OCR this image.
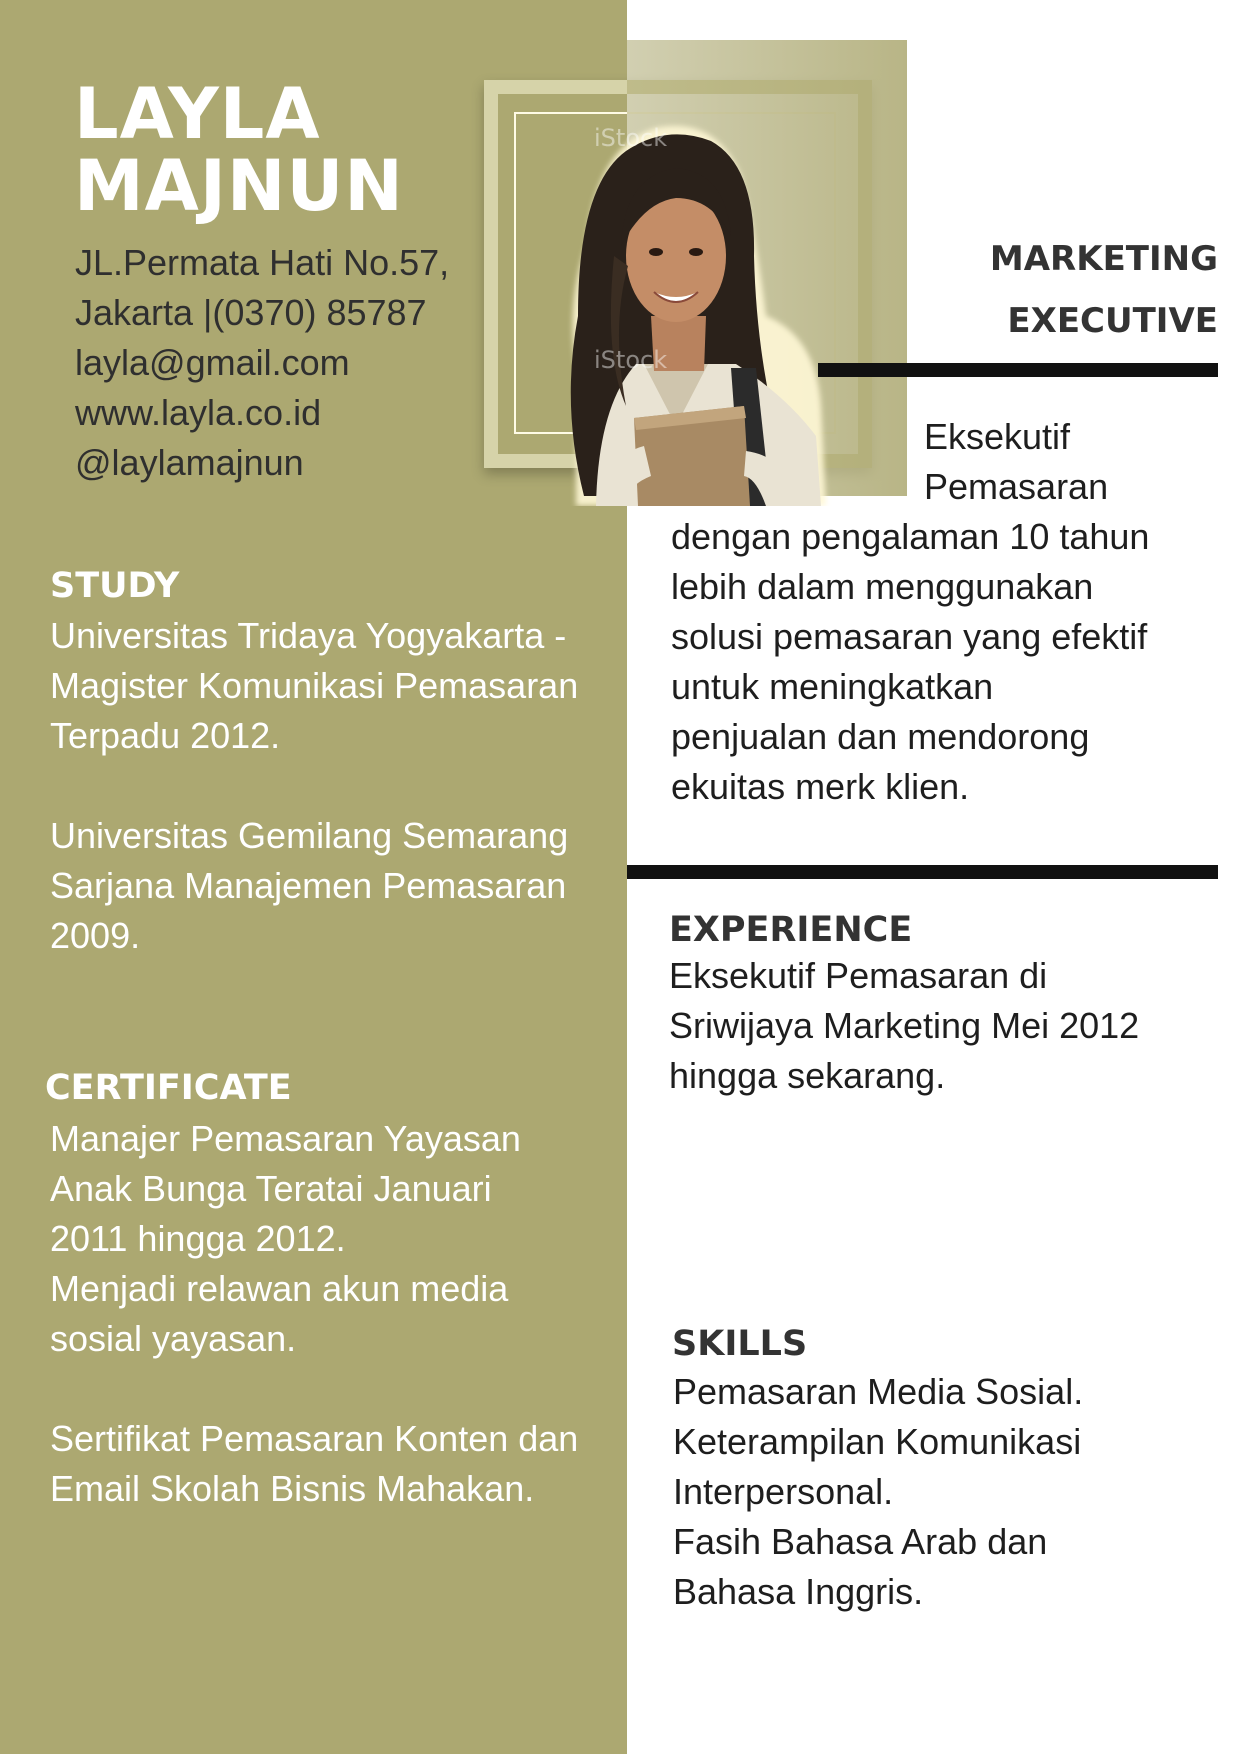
LAYLA
MAJNUN
JL.Permata Hati No.57,
Jakarta |(0370) 85787
layla@gmail.com
www.layla.co.id
@laylamajnun
iStock
iStock
MARKETING
EXECUTIVE
Eksekutif
Pemasaran
dengan pengalaman 10 tahun
lebih dalam menggunakan
solusi pemasaran yang efektif
untuk meningkatkan
penjualan dan mendorong
ekuitas merk klien.
STUDY
Universitas Tridaya Yogyakarta -
Magister Komunikasi Pemasaran
Terpadu 2012.
Universitas Gemilang Semarang
Sarjana Manajemen Pemasaran
2009.
CERTIFICATE
Manajer Pemasaran Yayasan
Anak Bunga Teratai Januari
2011 hingga 2012.
Menjadi relawan akun media
sosial yayasan.
Sertifikat Pemasaran Konten dan
Email Skolah Bisnis Mahakan.
EXPERIENCE
Eksekutif Pemasaran di
Sriwijaya Marketing Mei 2012
hingga sekarang.
SKILLS
Pemasaran Media Sosial.
Keterampilan Komunikasi
Interpersonal.
Fasih Bahasa Arab dan
Bahasa Inggris.
